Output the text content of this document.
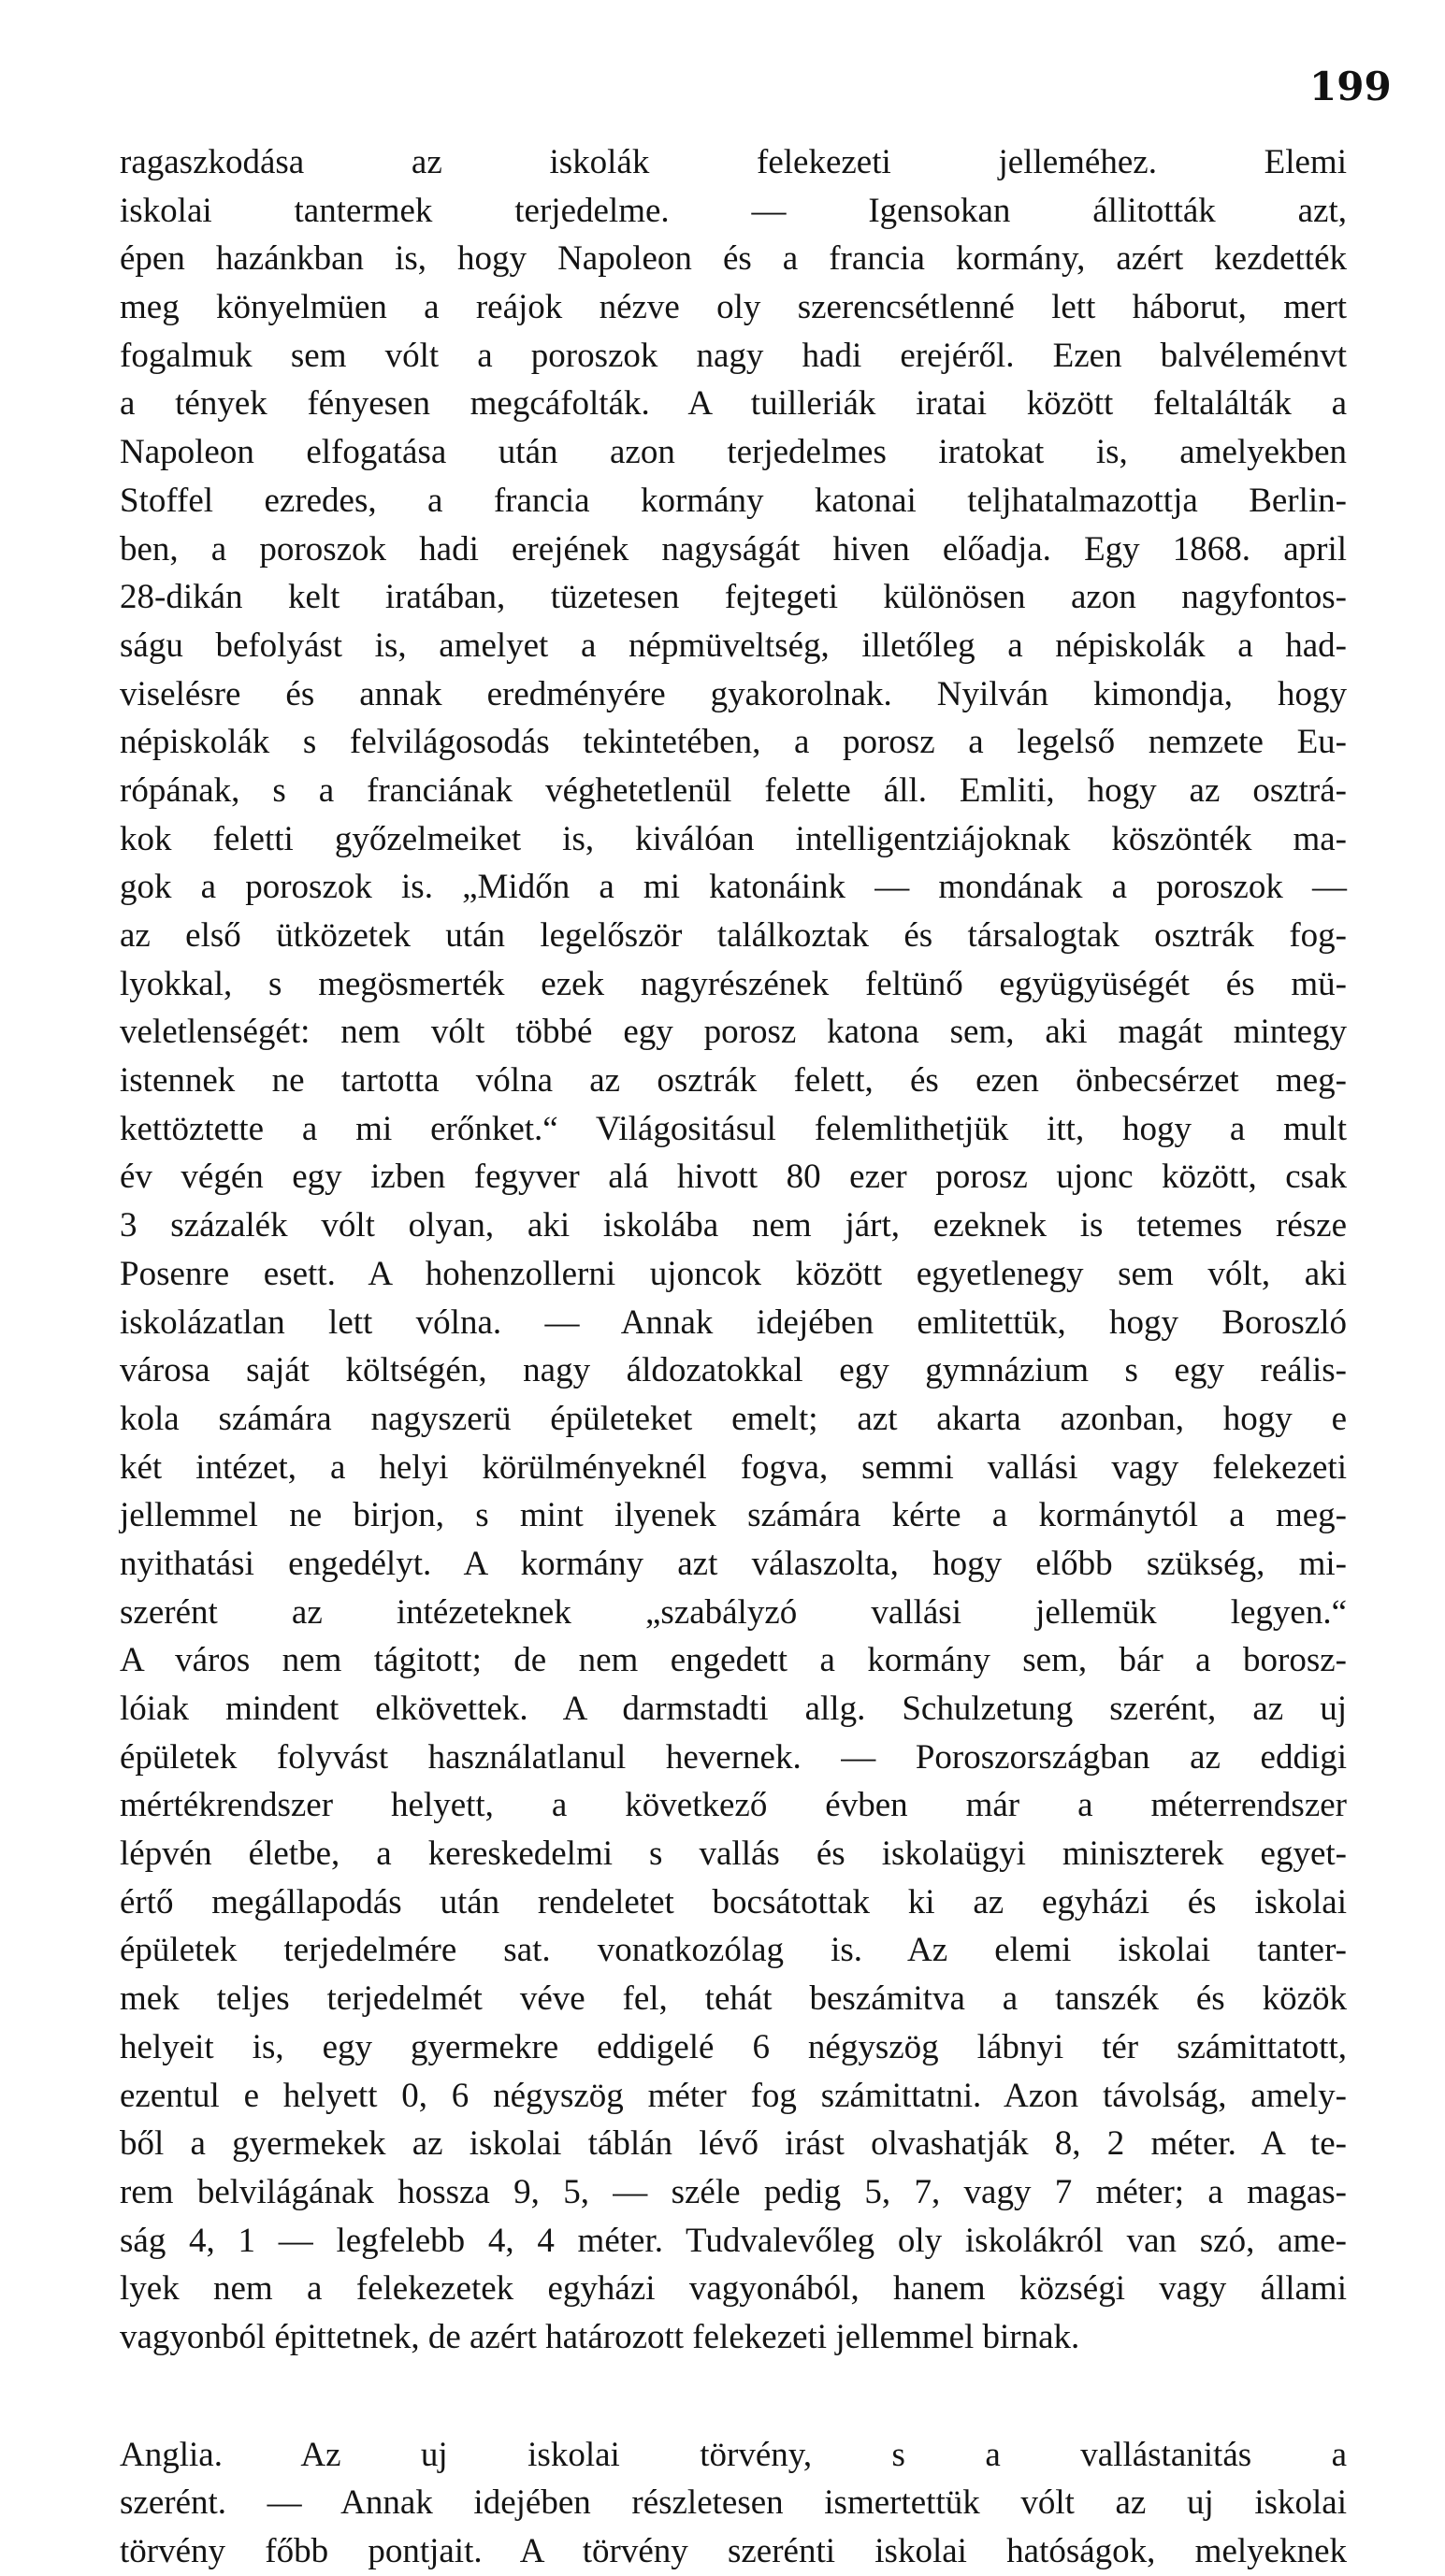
199
ragaszkodása az iskolák felekezeti jelleméhez. Elemi
iskolai tantermek terjedelme. — Igensokan állitották azt,
épen hazánkban is, hogy Napoleon és a francia kormány, azért kezdették
meg könyelmüen a reájok nézve oly szerencsétlenné lett háborut, mert
fogalmuk sem vólt a poroszok nagy hadi erejéről. Ezen balvéleménvt
a tények fényesen megcáfolták. A tuilleriák iratai között feltalálták a
Napoleon elfogatása után azon terjedelmes iratokat is, amelyekben
Stoffel ezredes, a francia kormány katonai teljhatalmazottja Berlin-
ben, a poroszok hadi erejének nagyságát hiven előadja. Egy 1868. april
28-dikán kelt iratában, tüzetesen fejtegeti különösen azon nagyfontos-
ságu befolyást is, amelyet a népmüveltség, illetőleg a népiskolák a had-
viselésre és annak eredményére gyakorolnak. Nyilván kimondja, hogy
népiskolák s felvilágosodás tekintetében, a porosz a legelső nemzete Eu-
rópának, s a franciának véghetetlenül felette áll. Emliti, hogy az osztrá-
kok feletti győzelmeiket is, kiválóan intelligentziájoknak köszönték ma-
gok a poroszok is. „Midőn a mi katonáink — mondának a poroszok —
az első ütközetek után legelőször találkoztak és társalogtak osztrák fog-
lyokkal, s megösmerték ezek nagyrészének feltünő együgyüségét és mü-
veletlenségét: nem vólt többé egy porosz katona sem, aki magát mintegy
istennek ne tartotta vólna az osztrák felett, és ezen önbecsérzet meg-
kettöztette a mi erőnket.“ Világositásul felemlithetjük itt, hogy a mult
év végén egy izben fegyver alá hivott 80 ezer porosz ujonc között, csak
3 százalék vólt olyan, aki iskolába nem járt, ezeknek is tetemes része
Posenre esett. A hohenzollerni ujoncok között egyetlenegy sem vólt, aki
iskolázatlan lett vólna. — Annak idejében emlitettük, hogy Boroszló
városa saját költségén, nagy áldozatokkal egy gymnázium s egy reális-
kola számára nagyszerü épületeket emelt; azt akarta azonban, hogy e
két intézet, a helyi körülményeknél fogva, semmi vallási vagy felekezeti
jellemmel ne birjon, s mint ilyenek számára kérte a kormánytól a meg-
nyithatási engedélyt. A kormány azt válaszolta, hogy előbb szükség, mi-
szerént az intézeteknek „szabályzó vallási jellemük legyen.“
A város nem tágitott; de nem engedett a kormány sem, bár a borosz-
lóiak mindent elkövettek. A darmstadti allg. Schulzetung szerént, az uj
épületek folyvást használatlanul hevernek. — Poroszországban az eddigi
mértékrendszer helyett, a következő évben már a méterrendszer
lépvén életbe, a kereskedelmi s vallás és iskolaügyi miniszterek egyet-
értő megállapodás után rendeletet bocsátottak ki az egyházi és iskolai
épületek terjedelmére sat. vonatkozólag is. Az elemi iskolai tanter-
mek teljes terjedelmét véve fel, tehát beszámitva a tanszék és közök
helyeit is, egy gyermekre eddigelé 6 négyszög lábnyi tér számittatott,
ezentul e helyett 0, 6 négyszög méter fog számittatni. Azon távolság, amely-
ből a gyermekek az iskolai táblán lévő irást olvashatják 8, 2 méter. A te-
rem belvilágának hossza 9, 5, — széle pedig 5, 7, vagy 7 méter; a magas-
ság 4, 1 — legfelebb 4, 4 méter. Tudvalevőleg oly iskolákról van szó, ame-
lyek nem a felekezetek egyházi vagyonából, hanem községi vagy állami
vagyonból épittetnek, de azért határozott felekezeti jellemmel birnak.
Anglia. Az uj iskolai törvény, s a vallástanitás a
szerént. — Annak idejében részletesen ismertettük vólt az uj iskolai
törvény főbb pontjait. A törvény szerénti iskolai hatóságok, melyeknek
